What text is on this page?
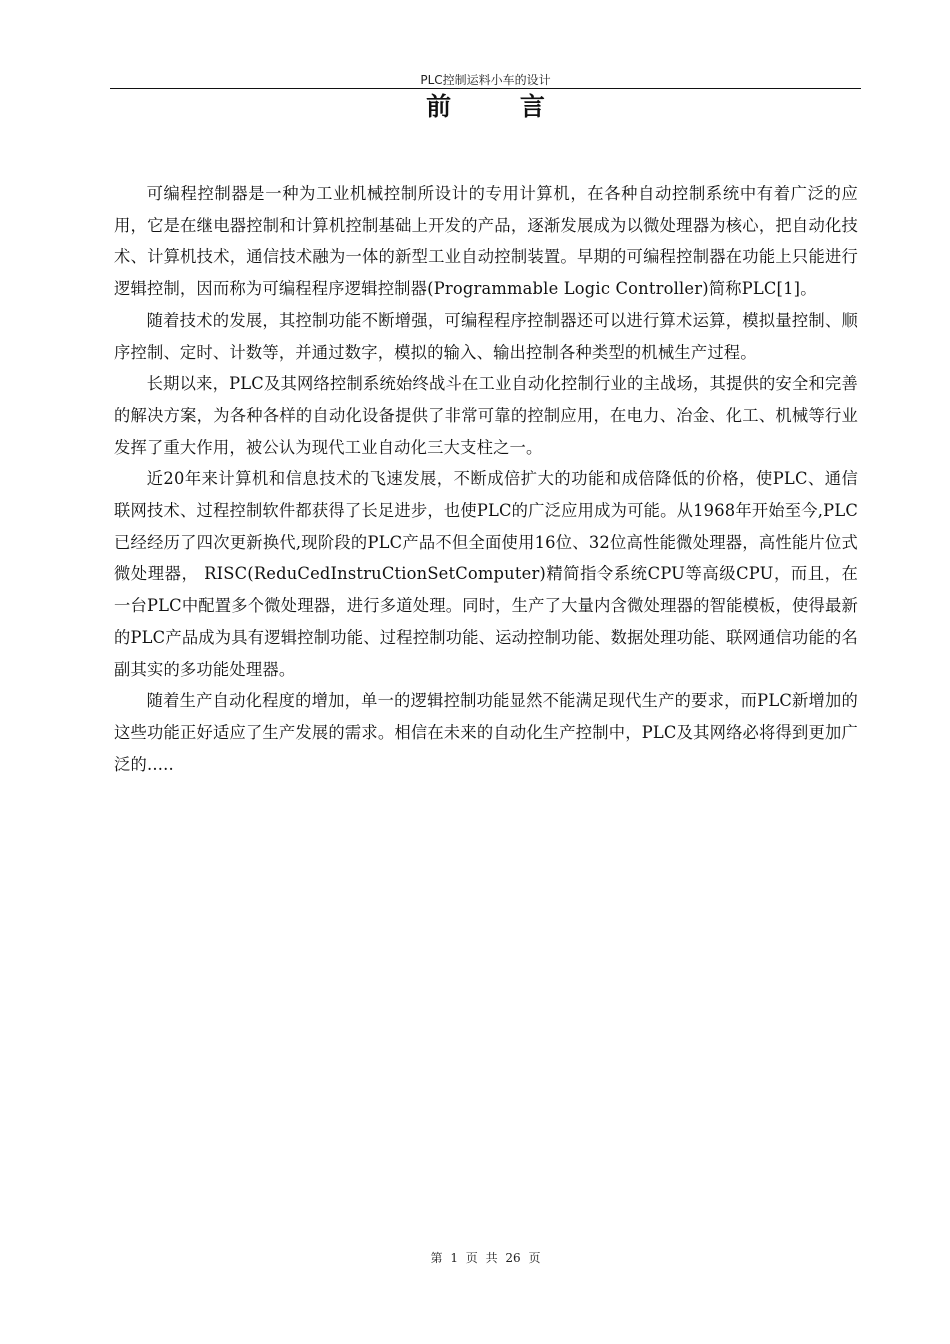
PLC控制运料小车的设计
前 言

可编程控制器是一种为工业机械控制所设计的专用计算机，在各种自动控制系统中有着广泛的应用，它是在继电器控制和计算机控制基础上开发的产品，逐渐发展成为以微处理器为核心，把自动化技术、计算机技术，通信技术融为一体的新型工业自动控制装置。早期的可编程控制器在功能上只能进行逻辑控制，因而称为可编程程序逻辑控制器(Programmable Logic Controller)简称PLC[1]。

随着技术的发展，其控制功能不断增强，可编程程序控制器还可以进行算术运算，模拟量控制、顺序控制、定时、计数等，并通过数字，模拟的输入、输出控制各种类型的机械生产过程。

长期以来，PLC及其网络控制系统始终战斗在工业自动化控制行业的主战场，其提供的安全和完善的解决方案，为各种各样的自动化设备提供了非常可靠的控制应用，在电力、冶金、化工、机械等行业发挥了重大作用，被公认为现代工业自动化三大支柱之一。

近20年来计算机和信息技术的飞速发展，不断成倍扩大的功能和成倍降低的价格，使PLC、通信联网技术、过程控制软件都获得了长足进步，也使PLC的广泛应用成为可能。从1968年开始至今,PLC已经经历了四次更新换代,现阶段的PLC产品不但全面使用16位、32位高性能微处理器，高性能片位式微处理器， RISC(ReduCedInstruCtionSetComputer)精简指令系统CPU等高级CPU，而且，在一台PLC中配置多个微处理器，进行多道处理。同时，生产了大量内含微处理器的智能模板，使得最新的PLC产品成为具有逻辑控制功能、过程控制功能、运动控制功能、数据处理功能、联网通信功能的名副其实的多功能处理器。

随着生产自动化程度的增加，单一的逻辑控制功能显然不能满足现代生产的要求，而PLC新增加的这些功能正好适应了生产发展的需求。相信在未来的自动化生产控制中，PLC及其网络必将得到更加广泛的.....

第 1 页 共 26 页
